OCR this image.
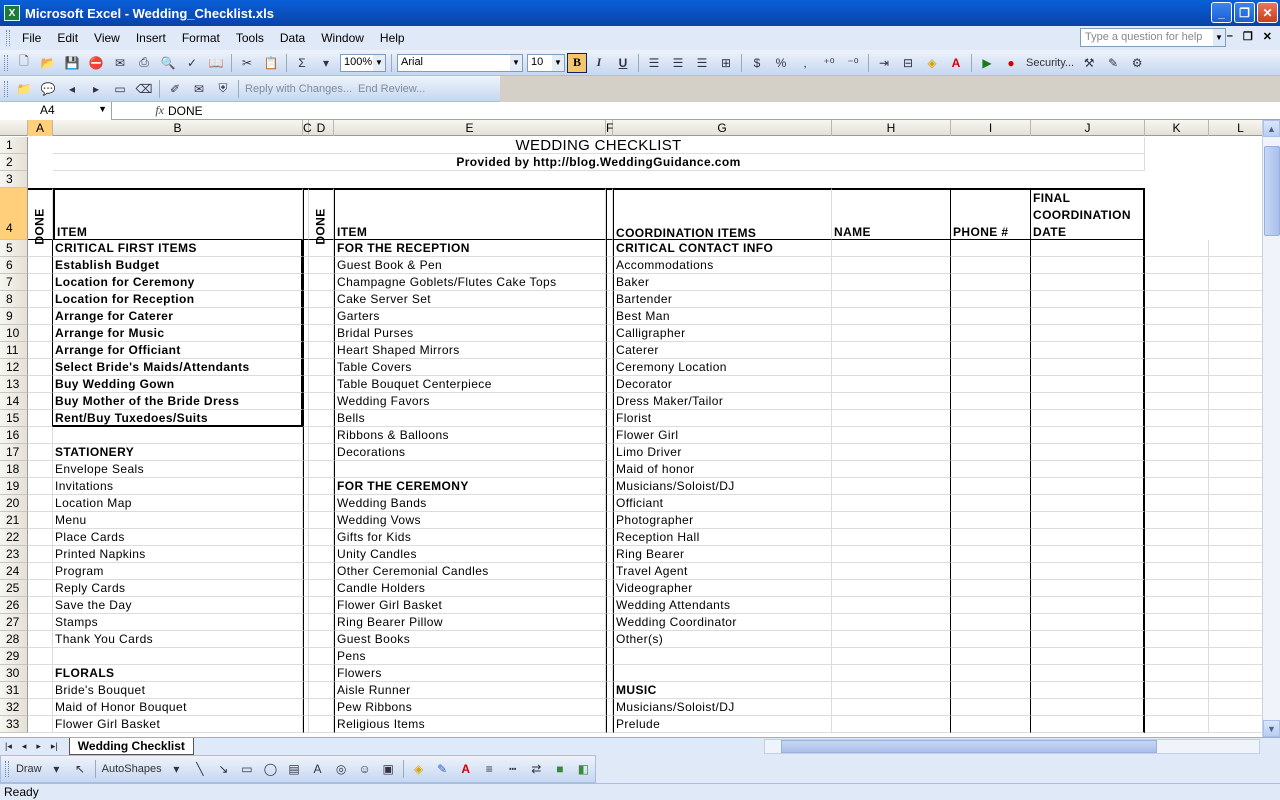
X Microsoft Excel - Wedding_Checklist.xls	_	❐	✕
File	Edit	View	Insert	Format	Tools	Data	Window	Help	Type a question for help ▼ – ❐ ✕
🗋 📂 💾 ⛔ ✉	⎙ 🔍 ✓ 📖	✂ 📋	Σ	▾	100% ▼	Arial	▼	10 ▼ B	I	U	☰	☰	☰	⊞	$	%	,	⁺⁰	⁻⁰	⇥	⊟	◈	A	▶	●	Security... ⚒	✎	⚙
📁 💬	◂	▸	▭ ⌫	✐	✉	⛨	Reply with Changes... End Review...
A4	▼	fx DONE
A	B	C D	E	F	G	H	I	J	K	L
1	WEDDING CHECKLIST
2	Provided by http://blog.WeddingGuidance.com
3
4	DONE ITEM	DONE ITEM	COORDINATION ITEMS	NAME	PHONE #
FINAL
COORDINATION
DATE
5	CRITICAL FIRST ITEMS	FOR THE RECEPTION	CRITICAL CONTACT INFO
6	Establish Budget	Guest Book & Pen	Accommodations
7	Location for Ceremony	Champagne Goblets/Flutes Cake Tops	Baker
8	Location for Reception	Cake Server Set	Bartender
9	Arrange for Caterer	Garters	Best Man
10	Arrange for Music	Bridal Purses	Calligrapher
11	Arrange for Officiant	Heart Shaped Mirrors	Caterer
12	Select Bride's Maids/Attendants	Table Covers	Ceremony Location
13	Buy Wedding Gown	Table Bouquet Centerpiece	Decorator
14	Buy Mother of the Bride Dress	Wedding Favors	Dress Maker/Tailor
15	Rent/Buy Tuxedoes/Suits	Bells	Florist
16	Ribbons & Balloons	Flower Girl
17	STATIONERY	Decorations	Limo Driver
18	Envelope Seals	Maid of honor
19	Invitations	FOR THE CEREMONY	Musicians/Soloist/DJ
20	Location Map	Wedding Bands	Officiant
21	Menu	Wedding Vows	Photographer
22	Place Cards	Gifts for Kids	Reception Hall
23	Printed Napkins	Unity Candles	Ring Bearer
24	Program	Other Ceremonial Candles	Travel Agent
25	Reply Cards	Candle Holders	Videographer
26	Save the Day	Flower Girl Basket	Wedding Attendants
27	Stamps	Ring Bearer Pillow	Wedding Coordinator
28	Thank You Cards	Guest Books	Other(s)
29	Pens
30	FLORALS	Flowers
31	Bride's Bouquet	Aisle Runner	MUSIC
32	Maid of Honor Bouquet	Pew Ribbons	Musicians/Soloist/DJ
33	Flower Girl Basket	Religious Items	Prelude
▲
▼
|◂	◂	▸	▸|	Wedding Checklist
Draw ▾	↖	AutoShapes ▾	╲	↘	▭ ◯ ▤	A	◎	☺ ▣	◈	✎	A	≡	┅	⇄	■	◧
Ready
